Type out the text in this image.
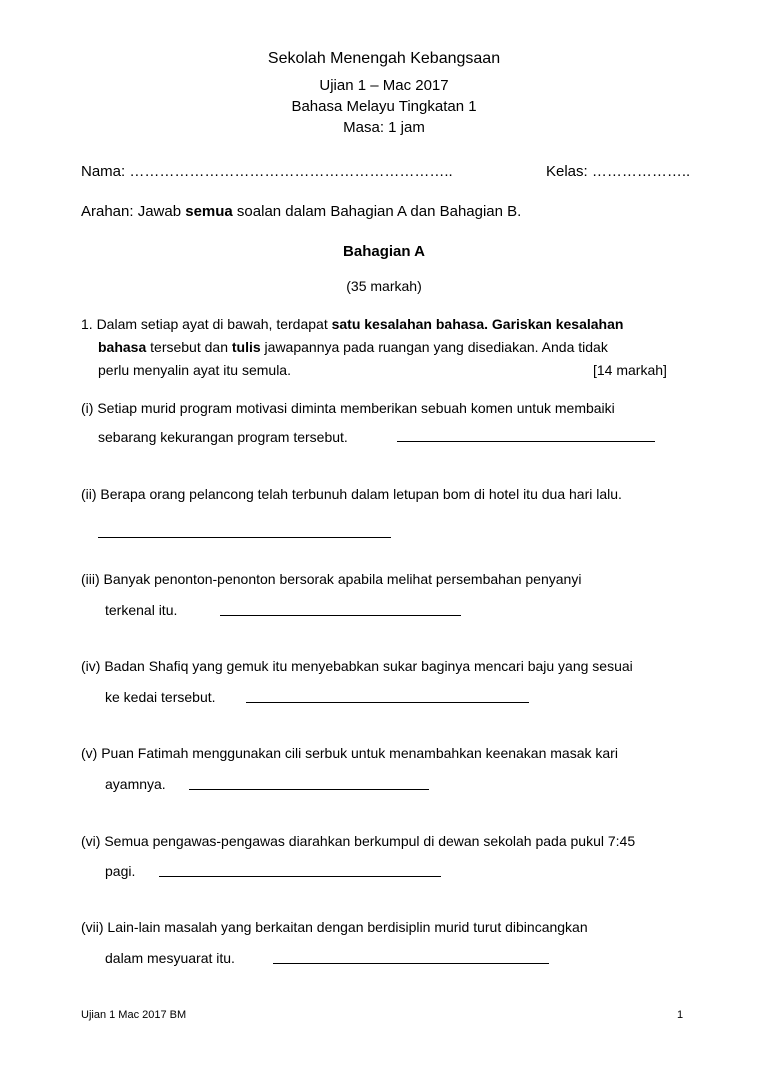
Sekolah Menengah Kebangsaan
Ujian 1 – Mac 2017
Bahasa Melayu Tingkatan 1
Masa: 1 jam
Nama: ………………………………………………………..	Kelas: ………………..
Arahan: Jawab semua soalan dalam Bahagian A dan Bahagian B.
Bahagian A
(35 markah)
1. Dalam setiap ayat di bawah, terdapat satu kesalahan bahasa. Gariskan kesalahan
bahasa tersebut dan tulis jawapannya pada ruangan yang disediakan. Anda tidak
perlu menyalin ayat itu semula.	[14 markah]
(i) Setiap murid program motivasi diminta memberikan sebuah komen untuk membaiki
sebarang kekurangan program tersebut.
(ii) Berapa orang pelancong telah terbunuh dalam letupan bom di hotel itu dua hari lalu.
(iii) Banyak penonton-penonton bersorak apabila melihat persembahan penyanyi
terkenal itu.
(iv) Badan Shafiq yang gemuk itu menyebabkan sukar baginya mencari baju yang sesuai
ke kedai tersebut.
(v) Puan Fatimah menggunakan cili serbuk untuk menambahkan keenakan masak kari
ayamnya.
(vi) Semua pengawas-pengawas diarahkan berkumpul di dewan sekolah pada pukul 7:45
pagi.
(vii) Lain-lain masalah yang berkaitan dengan berdisiplin murid turut dibincangkan
dalam mesyuarat itu.
Ujian 1 Mac 2017 BM	1
